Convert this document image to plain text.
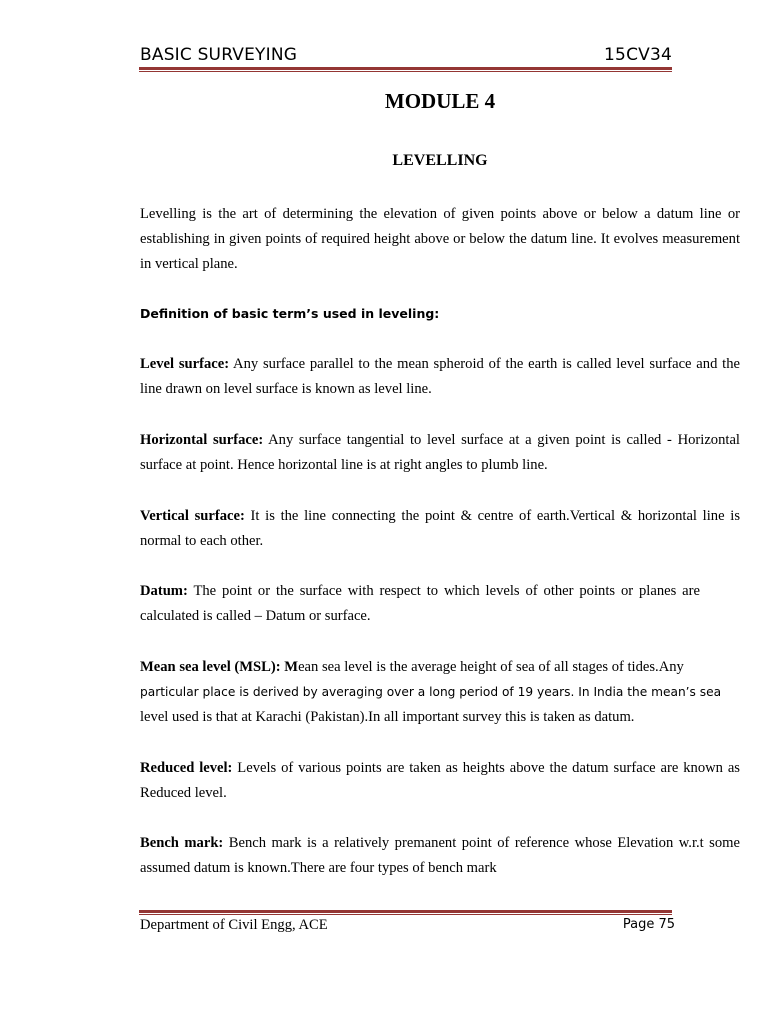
BASIC SURVEYING	15CV34
MODULE 4
LEVELLING
Levelling is the art of determining the elevation of given points above or below a datum line or establishing in given points of required height above or below the datum line. It evolves measurement in vertical plane.
Definition of basic term’s used in leveling:
Level surface: Any surface parallel to the mean spheroid of the earth is called level surface and the line drawn on level surface is known as level line.
Horizontal surface: Any surface tangential to level surface at a given point is called - Horizontal surface at point. Hence horizontal line is at right angles to plumb line.
Vertical surface: It is the line connecting the point & centre of earth.Vertical & horizontal line is normal to each other.
Datum: The point or the surface with respect to which levels of other points or planes are calculated is called – Datum or surface.
Mean sea level (MSL): Mean sea level is the average height of sea of all stages of tides.Any
particular place is derived by averaging over a long period of 19 years. In India the mean’s sea
level used is that at Karachi (Pakistan).In all important survey this is taken as datum.
Reduced level: Levels of various points are taken as heights above the datum surface are known as Reduced level.
Bench mark: Bench mark is a relatively premanent point of reference whose Elevation w.r.t some assumed datum is known.There are four types of bench mark
Department of Civil Engg, ACE	Page 75
